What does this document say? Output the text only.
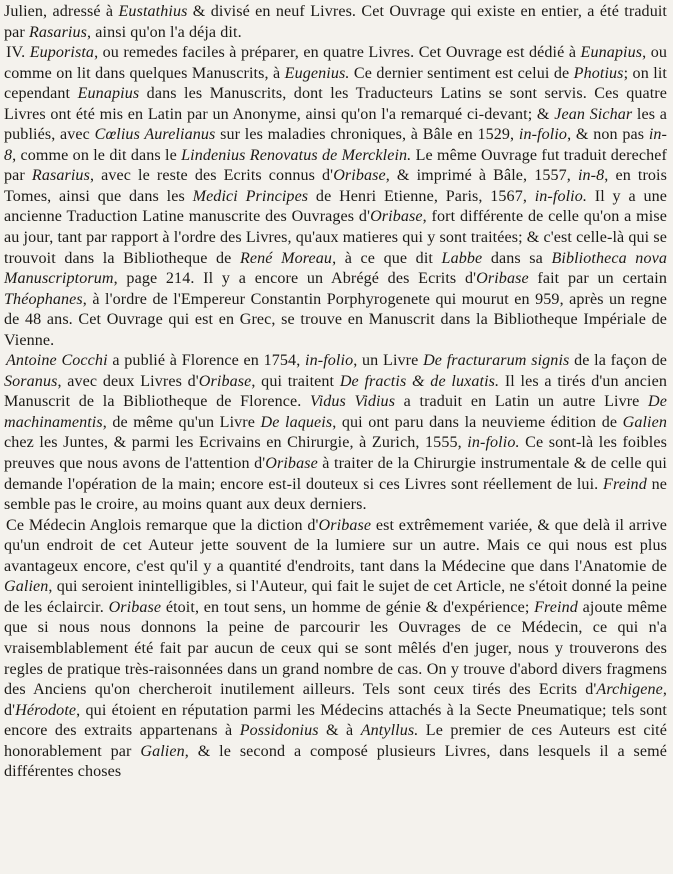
Julien, adressé à Eustathius & divisé en neuf Livres. Cet Ouvrage qui existe en entier, a été traduit par Rasarius, ainsi qu'on l'a déja dit.

IV. Euporista, ou remedes faciles à préparer, en quatre Livres. Cet Ouvrage est dédié à Eunapius, ou comme on lit dans quelques Manuscrits, à Eugenius. Ce dernier sentiment est celui de Photius; on lit cependant Eunapius dans les Manuscrits, dont les Traducteurs Latins se sont servis. Ces quatre Livres ont été mis en Latin par un Anonyme, ainsi qu'on l'a remarqué ci-devant; & Jean Sichar les a publiés, avec Cœlius Aurelianus sur les maladies chroniques, à Bâle en 1529, in-folio, & non pas in-8, comme on le dit dans le Lindenius Renovatus de Mercklein. Le même Ouvrage fut traduit derechef par Rasarius, avec le reste des Ecrits connus d'Oribase, & imprimé à Bâle, 1557, in-8, en trois Tomes, ainsi que dans les Medici Principes de Henri Etienne, Paris, 1567, in-folio. Il y a une ancienne Traduction Latine manuscrite des Ouvrages d'Oribase, fort différente de celle qu'on a mise au jour, tant par rapport à l'ordre des Livres, qu'aux matieres qui y sont traitées; & c'est celle-là qui se trouvoit dans la Bibliotheque de René Moreau, à ce que dit Labbe dans sa Bibliotheca nova Manuscriptorum, page 214. Il y a encore un Abrégé des Ecrits d'Oribase fait par un certain Théophanes, à l'ordre de l'Empereur Constantin Porphyrogenete qui mourut en 959, après un regne de 48 ans. Cet Ouvrage qui est en Grec, se trouve en Manuscrit dans la Bibliotheque Impériale de Vienne.

Antoine Cocchi a publié à Florence en 1754, in-folio, un Livre De fracturarum signis de la façon de Soranus, avec deux Livres d'Oribase, qui traitent De fractis & de luxatis. Il les a tirés d'un ancien Manuscrit de la Bibliotheque de Florence. Vidus Vidius a traduit en Latin un autre Livre De machinamentis, de même qu'un Livre De laqueis, qui ont paru dans la neuvieme édition de Galien chez les Juntes, & parmi les Ecrivains en Chirurgie, à Zurich, 1555, in-folio. Ce sont-là les foibles preuves que nous avons de l'attention d'Oribase à traiter de la Chirurgie instrumentale & de celle qui demande l'opération de la main; encore est-il douteux si ces Livres sont réellement de lui. Freind ne semble pas le croire, au moins quant aux deux derniers.

Ce Médecin Anglois remarque que la diction d'Oribase est extrêmement variée, & que delà il arrive qu'un endroit de cet Auteur jette souvent de la lumiere sur un autre. Mais ce qui nous est plus avantageux encore, c'est qu'il y a quantité d'endroits, tant dans la Médecine que dans l'Anatomie de Galien, qui seroient inintelligibles, si l'Auteur, qui fait le sujet de cet Article, ne s'étoit donné la peine de les éclaircir. Oribase étoit, en tout sens, un homme de génie & d'expérience; Freind ajoute même que si nous nous donnons la peine de parcourir les Ouvrages de ce Médecin, ce qui n'a vraisemblablement été fait par aucun de ceux qui se sont mêlés d'en juger, nous y trouverons des regles de pratique très-raisonnées dans un grand nombre de cas. On y trouve d'abord divers fragmens des Anciens qu'on chercheroit inutilement ailleurs. Tels sont ceux tirés des Ecrits d'Archigene, d'Hérodote, qui étoient en réputation parmi les Médecins attachés à la Secte Pneumatique; tels sont encore des extraits appartenans à Possidonius & à Antyllus. Le premier de ces Auteurs est cité honorablement par Galien, & le second a composé plusieurs Livres, dans lesquels il a semé différentes choses
